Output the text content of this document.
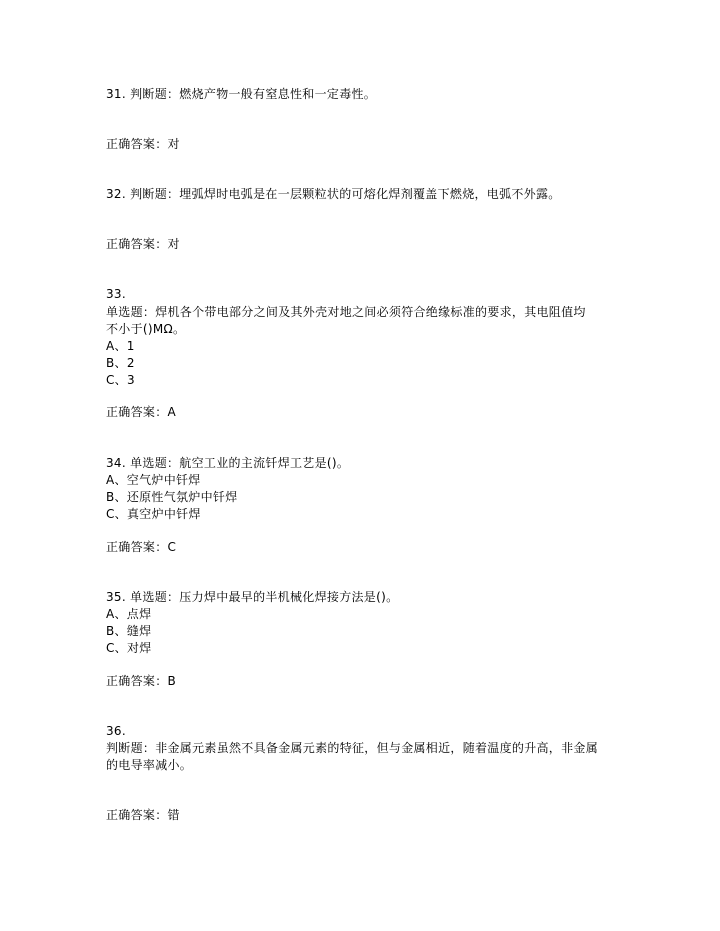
31. 判断题：燃烧产物一般有窒息性和一定毒性。
正确答案：对
32. 判断题：埋弧焊时电弧是在一层颗粒状的可熔化焊剂覆盖下燃烧，电弧不外露。
正确答案：对
33.
单选题：焊机各个带电部分之间及其外壳对地之间必须符合绝缘标准的要求，其电阻值均
不小于()MΩ。
A、1
B、2
C、3
正确答案：A
34. 单选题：航空工业的主流钎焊工艺是()。
A、空气炉中钎焊
B、还原性气氛炉中钎焊
C、真空炉中钎焊
正确答案：C
35. 单选题：压力焊中最早的半机械化焊接方法是()。
A、点焊
B、缝焊
C、对焊
正确答案：B
36.
判断题：非金属元素虽然不具备金属元素的特征，但与金属相近，随着温度的升高，非金属
的电导率减小。
正确答案：错
